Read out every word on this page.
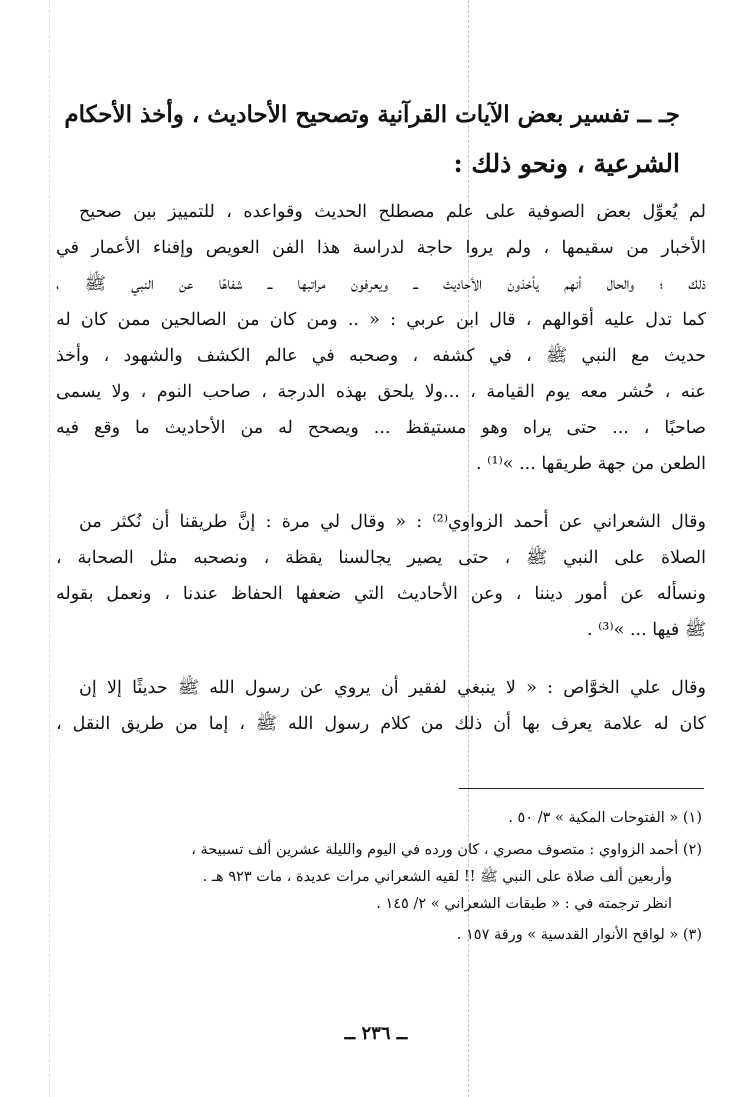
جـ ــ تفسير بعض الآيات القرآنية وتصحيح الأحاديث ، وأخذ الأحكام
الشرعية ، ونحو ذلك :
لم يُعوِّل بعض الصوفية على علم مصطلح الحديث وقواعده ، للتمييز بين صحيح
الأخبار من سقيمها ، ولم يروا حاجة لدراسة هذا الفن العويص وإفناء الأعمار في
ذلك ؛ والحال أنهم يأخذون الأحاديث ــ ويعرفون مراتبها ــ شفاهًا عن النبي ﷺ ،
كما تدل عليه أقوالهم ، قال ابن عربي : « .. ومن كان من الصالحين ممن كان له
حديث مع النبي ﷺ ، في كشفه ، وصحبه في عالم الكشف والشهود ، وأخذ
عنه ، حُشر معه يوم القيامة ، ...ولا يلحق بهذه الدرجة ، صاحب النوم ، ولا يسمى
صاحبًا ، ... حتى يراه وهو مستيقظ ... ويصحح له من الأحاديث ما وقع فيه
الطعن من جهة طريقها ... »⁽¹⁾ .
وقال الشعراني عن أحمد الزواوي⁽²⁾ : « وقال لي مرة : إنَّ طريقنا أن نُكثر من
الصلاة على النبي ﷺ ، حتى يصير يجالسنا يقظة ، ونصحبه مثل الصحابة ،
ونسأله عن أمور ديننا ، وعن الأحاديث التي ضعفها الحفاظ عندنا ، ونعمل بقوله
ﷺ فيها ... »⁽³⁾ .
وقال علي الخوَّاص : « لا ينبغي لفقير أن يروي عن رسول الله ﷺ حديثًا إلا إن
كان له علامة يعرف بها أن ذلك من كلام رسول الله ﷺ ، إما من طريق النقل ،
(١) « الفتوحات المكية » ٣/ ٥٠ .
(٢) أحمد الزواوي : متصوف مصري ، كان ورده في اليوم والليلة عشرين ألف تسبيحة ،
وأربعين ألف صلاة على النبي ﷺ !! لقيه الشعراني مرات عديدة ، مات ٩٢٣ هـ .
انظر ترجمته في : « طبقات الشعراني » ٢/ ١٤٥ .
(٣) « لواقح الأنوار القدسية » ورقة ١٥٧ .
ــ ٢٣٦ ــ
